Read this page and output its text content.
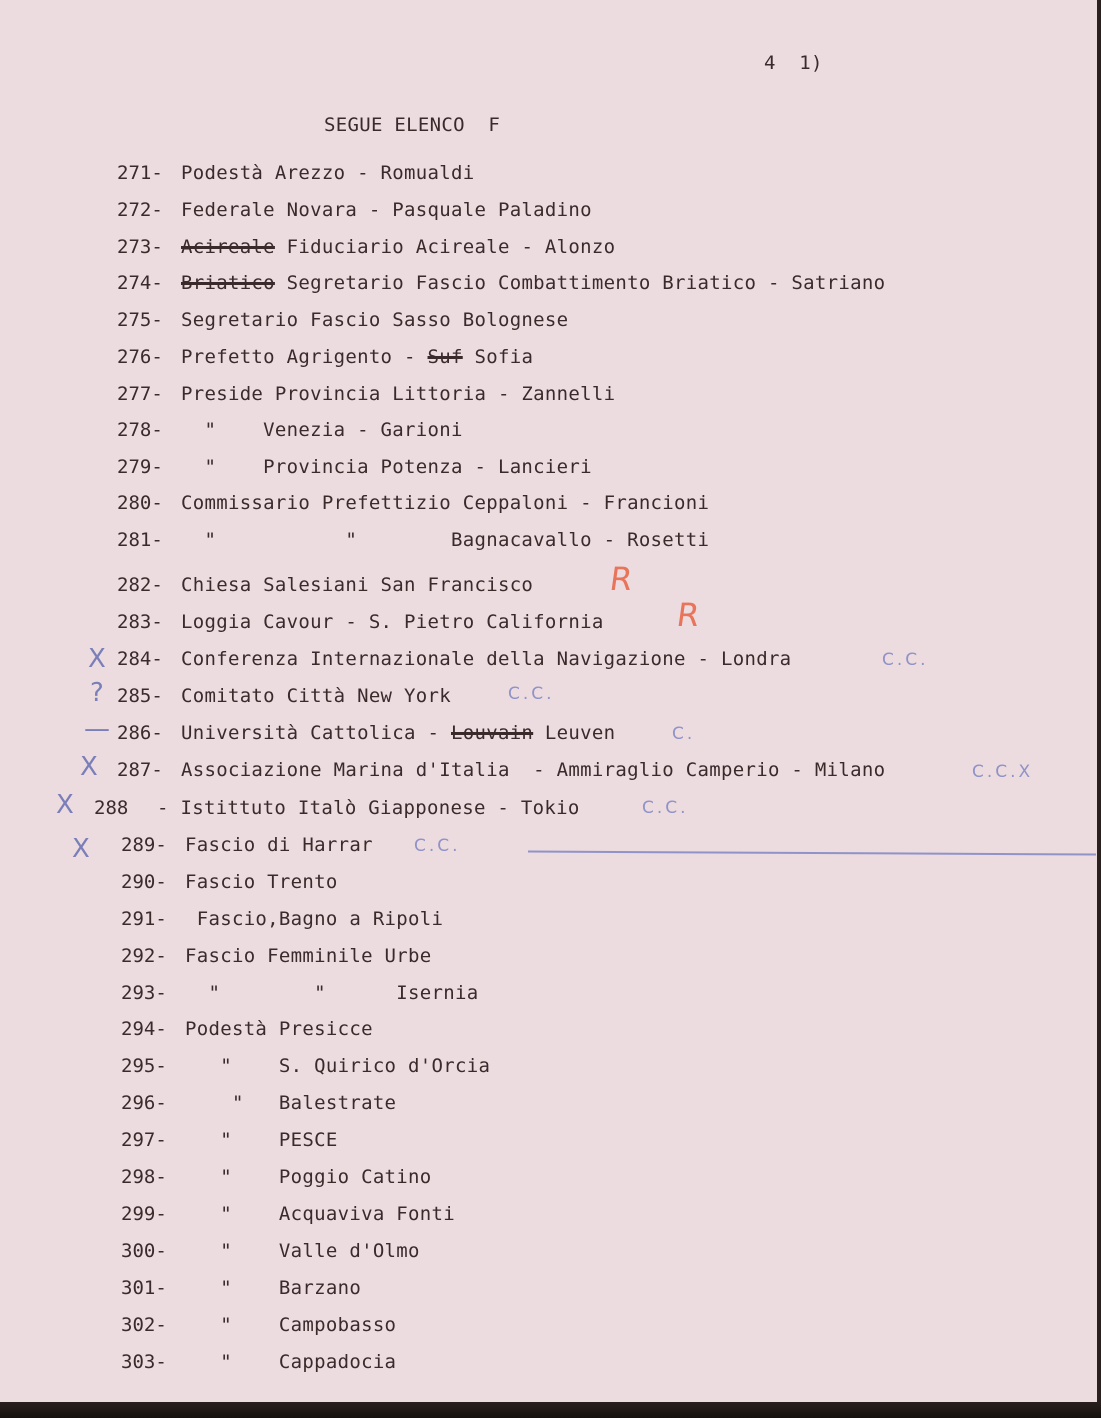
4  1)
SEGUE ELENCO  F
R
R
C.C.
C.C.
C.
C.C.X
C.C.
C.C.
X
?
—
X
X
X
271- Podestà Arezzo - Romualdi
272- Federale Novara - Pasquale Paladino
273- Acireale Fiduciario Acireale - Alonzo
274- Briatico Segretario Fascio Combattimento Briatico - Satriano
275- Segretario Fascio Sasso Bolognese
276- Prefetto Agrigento - Suf Sofia
277- Preside Provincia Littoria - Zannelli
278- "    Venezia - Garioni
279- "    Provincia Potenza - Lancieri
280- Commissario Prefettizio Ceppaloni - Francioni
281- "           "        Bagnacavallo - Rosetti
282- Chiesa Salesiani San Francisco
283- Loggia Cavour - S. Pietro California
284- Conferenza Internazionale della Navigazione - Londra
285- Comitato Città New York
286- Università Cattolica - Louvain Leuven
287- Associazione Marina d'Italia  - Ammiraglio Camperio - Milano
288 - Istittuto Italò Giapponese - Tokio
289- Fascio di Harrar
290- Fascio Trento
291- Fascio,Bagno a Ripoli
292- Fascio Femminile Urbe
293- "        "      Isernia
294- Podestà Presicce
295- "    S. Quirico d'Orcia
296- "   Balestrate
297- "    PESCE
298- "    Poggio Catino
299- "    Acquaviva Fonti
300- "    Valle d'Olmo
301- "    Barzano
302- "    Campobasso
303- "    Cappadocia
